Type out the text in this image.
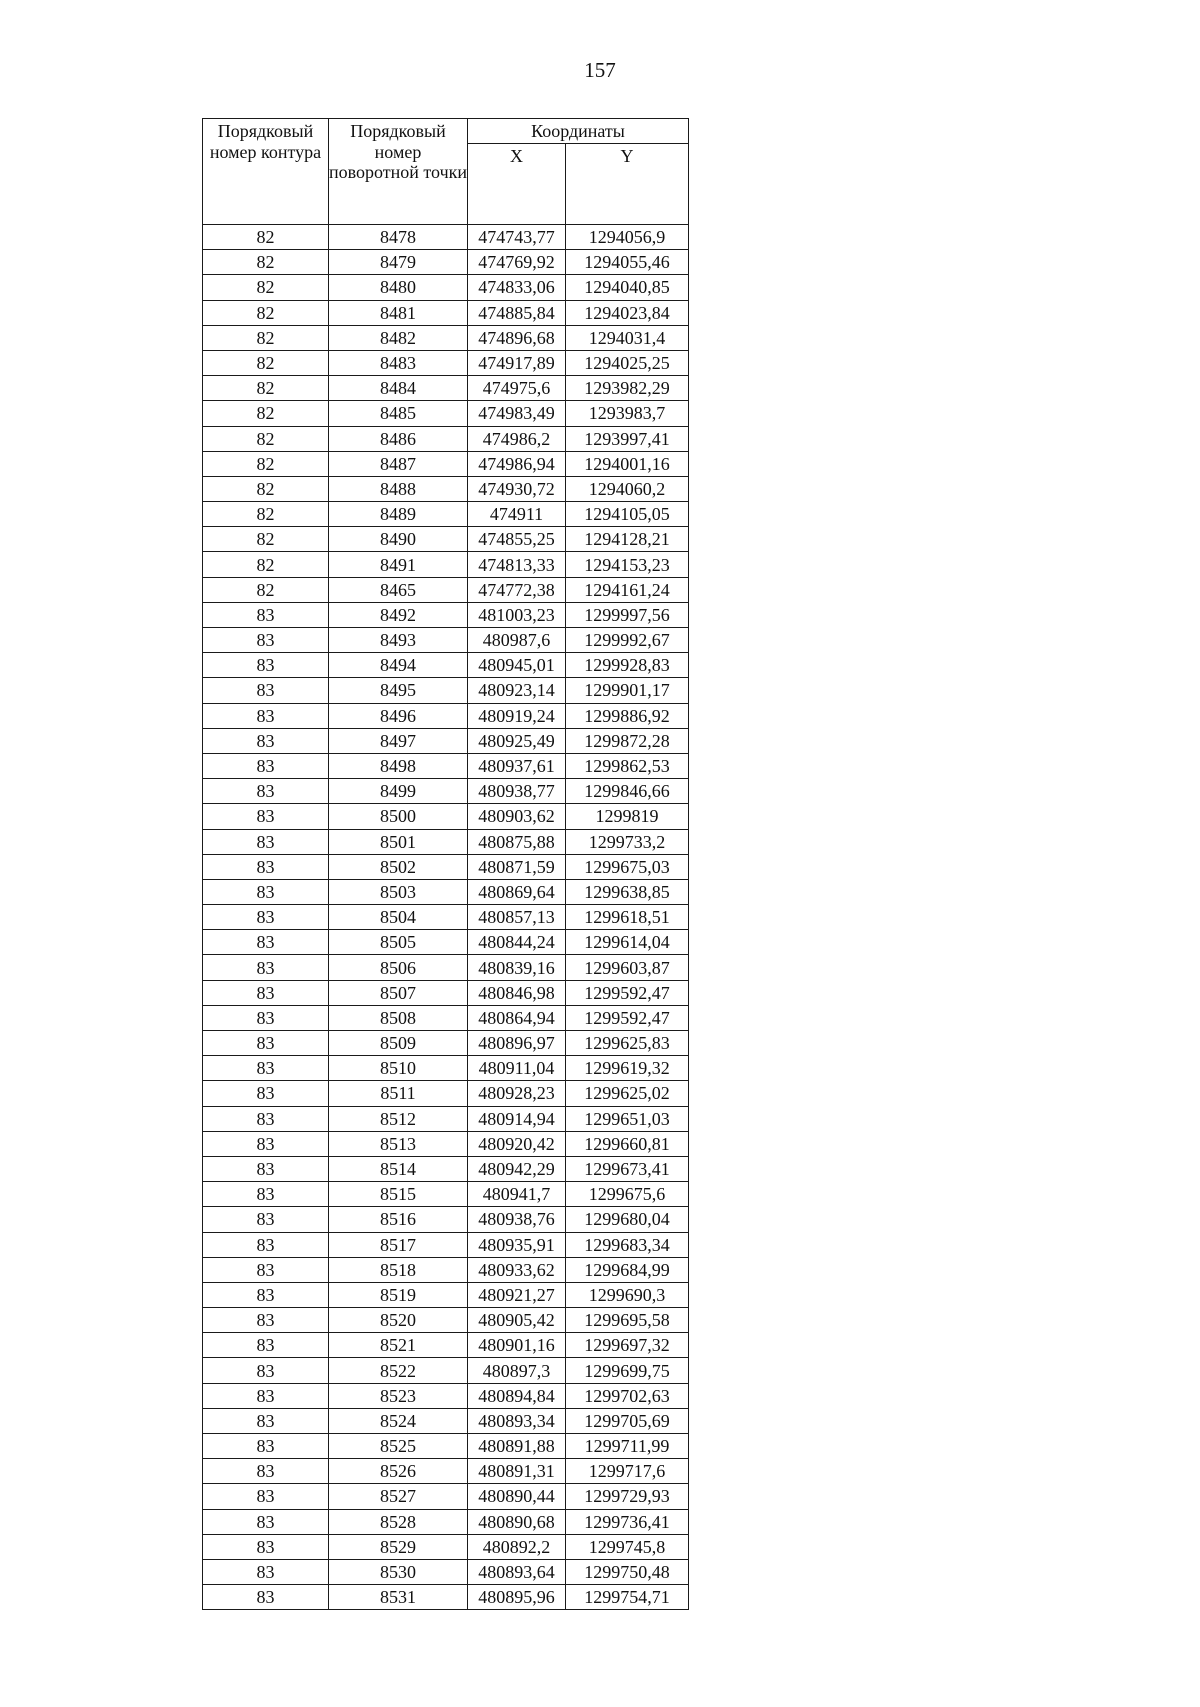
157
Порядковый номер контура	Порядковый номер поворотной точки	Координаты	
		X	Y
82	8478	474743,77	1294056,9
82	8479	474769,92	1294055,46
82	8480	474833,06	1294040,85
82	8481	474885,84	1294023,84
82	8482	474896,68	1294031,4
82	8483	474917,89	1294025,25
82	8484	474975,6	1293982,29
82	8485	474983,49	1293983,7
82	8486	474986,2	1293997,41
82	8487	474986,94	1294001,16
82	8488	474930,72	1294060,2
82	8489	474911	1294105,05
82	8490	474855,25	1294128,21
82	8491	474813,33	1294153,23
82	8465	474772,38	1294161,24
83	8492	481003,23	1299997,56
83	8493	480987,6	1299992,67
83	8494	480945,01	1299928,83
83	8495	480923,14	1299901,17
83	8496	480919,24	1299886,92
83	8497	480925,49	1299872,28
83	8498	480937,61	1299862,53
83	8499	480938,77	1299846,66
83	8500	480903,62	1299819
83	8501	480875,88	1299733,2
83	8502	480871,59	1299675,03
83	8503	480869,64	1299638,85
83	8504	480857,13	1299618,51
83	8505	480844,24	1299614,04
83	8506	480839,16	1299603,87
83	8507	480846,98	1299592,47
83	8508	480864,94	1299592,47
83	8509	480896,97	1299625,83
83	8510	480911,04	1299619,32
83	8511	480928,23	1299625,02
83	8512	480914,94	1299651,03
83	8513	480920,42	1299660,81
83	8514	480942,29	1299673,41
83	8515	480941,7	1299675,6
83	8516	480938,76	1299680,04
83	8517	480935,91	1299683,34
83	8518	480933,62	1299684,99
83	8519	480921,27	1299690,3
83	8520	480905,42	1299695,58
83	8521	480901,16	1299697,32
83	8522	480897,3	1299699,75
83	8523	480894,84	1299702,63
83	8524	480893,34	1299705,69
83	8525	480891,88	1299711,99
83	8526	480891,31	1299717,6
83	8527	480890,44	1299729,93
83	8528	480890,68	1299736,41
83	8529	480892,2	1299745,8
83	8530	480893,64	1299750,48
83	8531	480895,96	1299754,71
